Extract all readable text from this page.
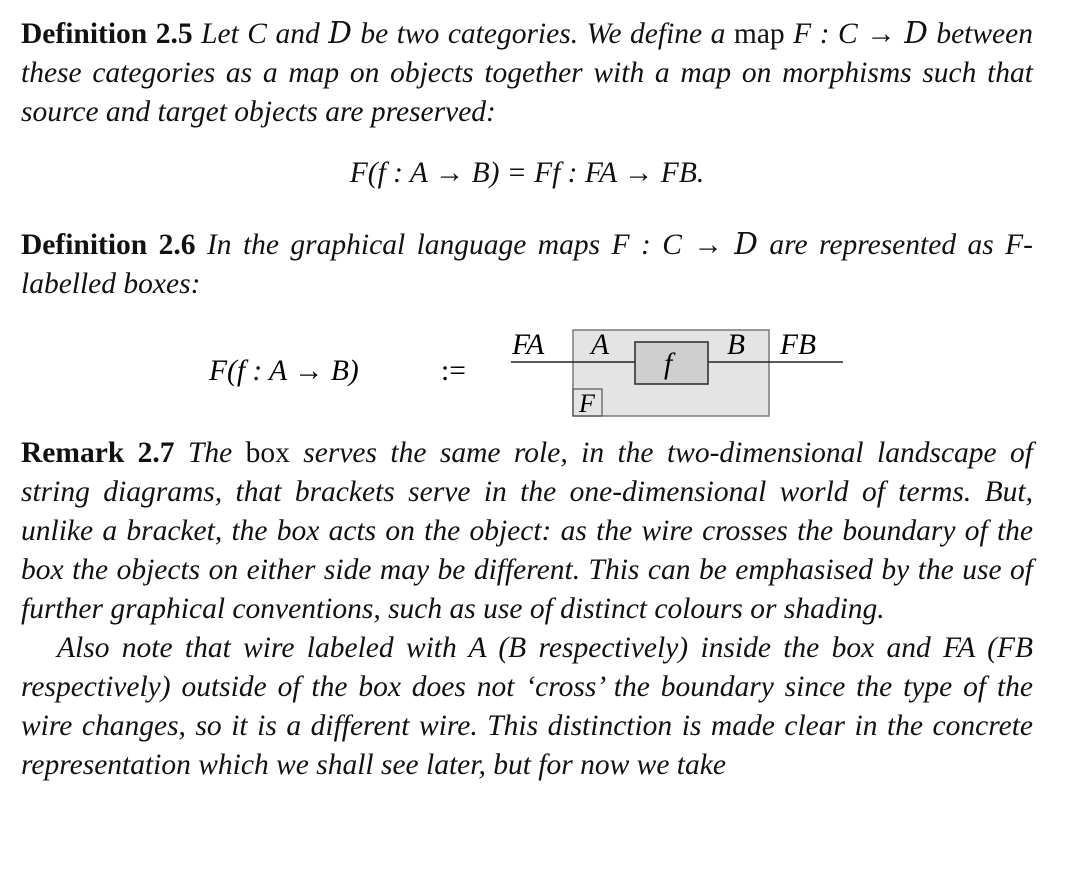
Definition 2.5 Let C and D be two categories. We define a map F : C → D between these categories as a map on objects together with a map on morphisms such that source and target objects are preserved:

F(f : A → B) = Ff : FA → FB.

Definition 2.6 In the graphical language maps F : C → D are represented as F-labelled boxes:

F(f : A → B)	:=
F
f
FA A	B FB

Remark 2.7 The box serves the same role, in the two-dimensional landscape of string diagrams, that brackets serve in the one-dimensional world of terms. But, unlike a bracket, the box acts on the object: as the wire crosses the boundary of the box the objects on either side may be different. This can be emphasised by the use of further graphical conventions, such as use of distinct colours or shading.

Also note that wire labeled with A (B respectively) inside the box and FA (FB respectively) outside of the box does not ‘cross’ the boundary since the type of the wire changes, so it is a different wire. This distinction is made clear in the concrete representation which we shall see later, but for now we take
